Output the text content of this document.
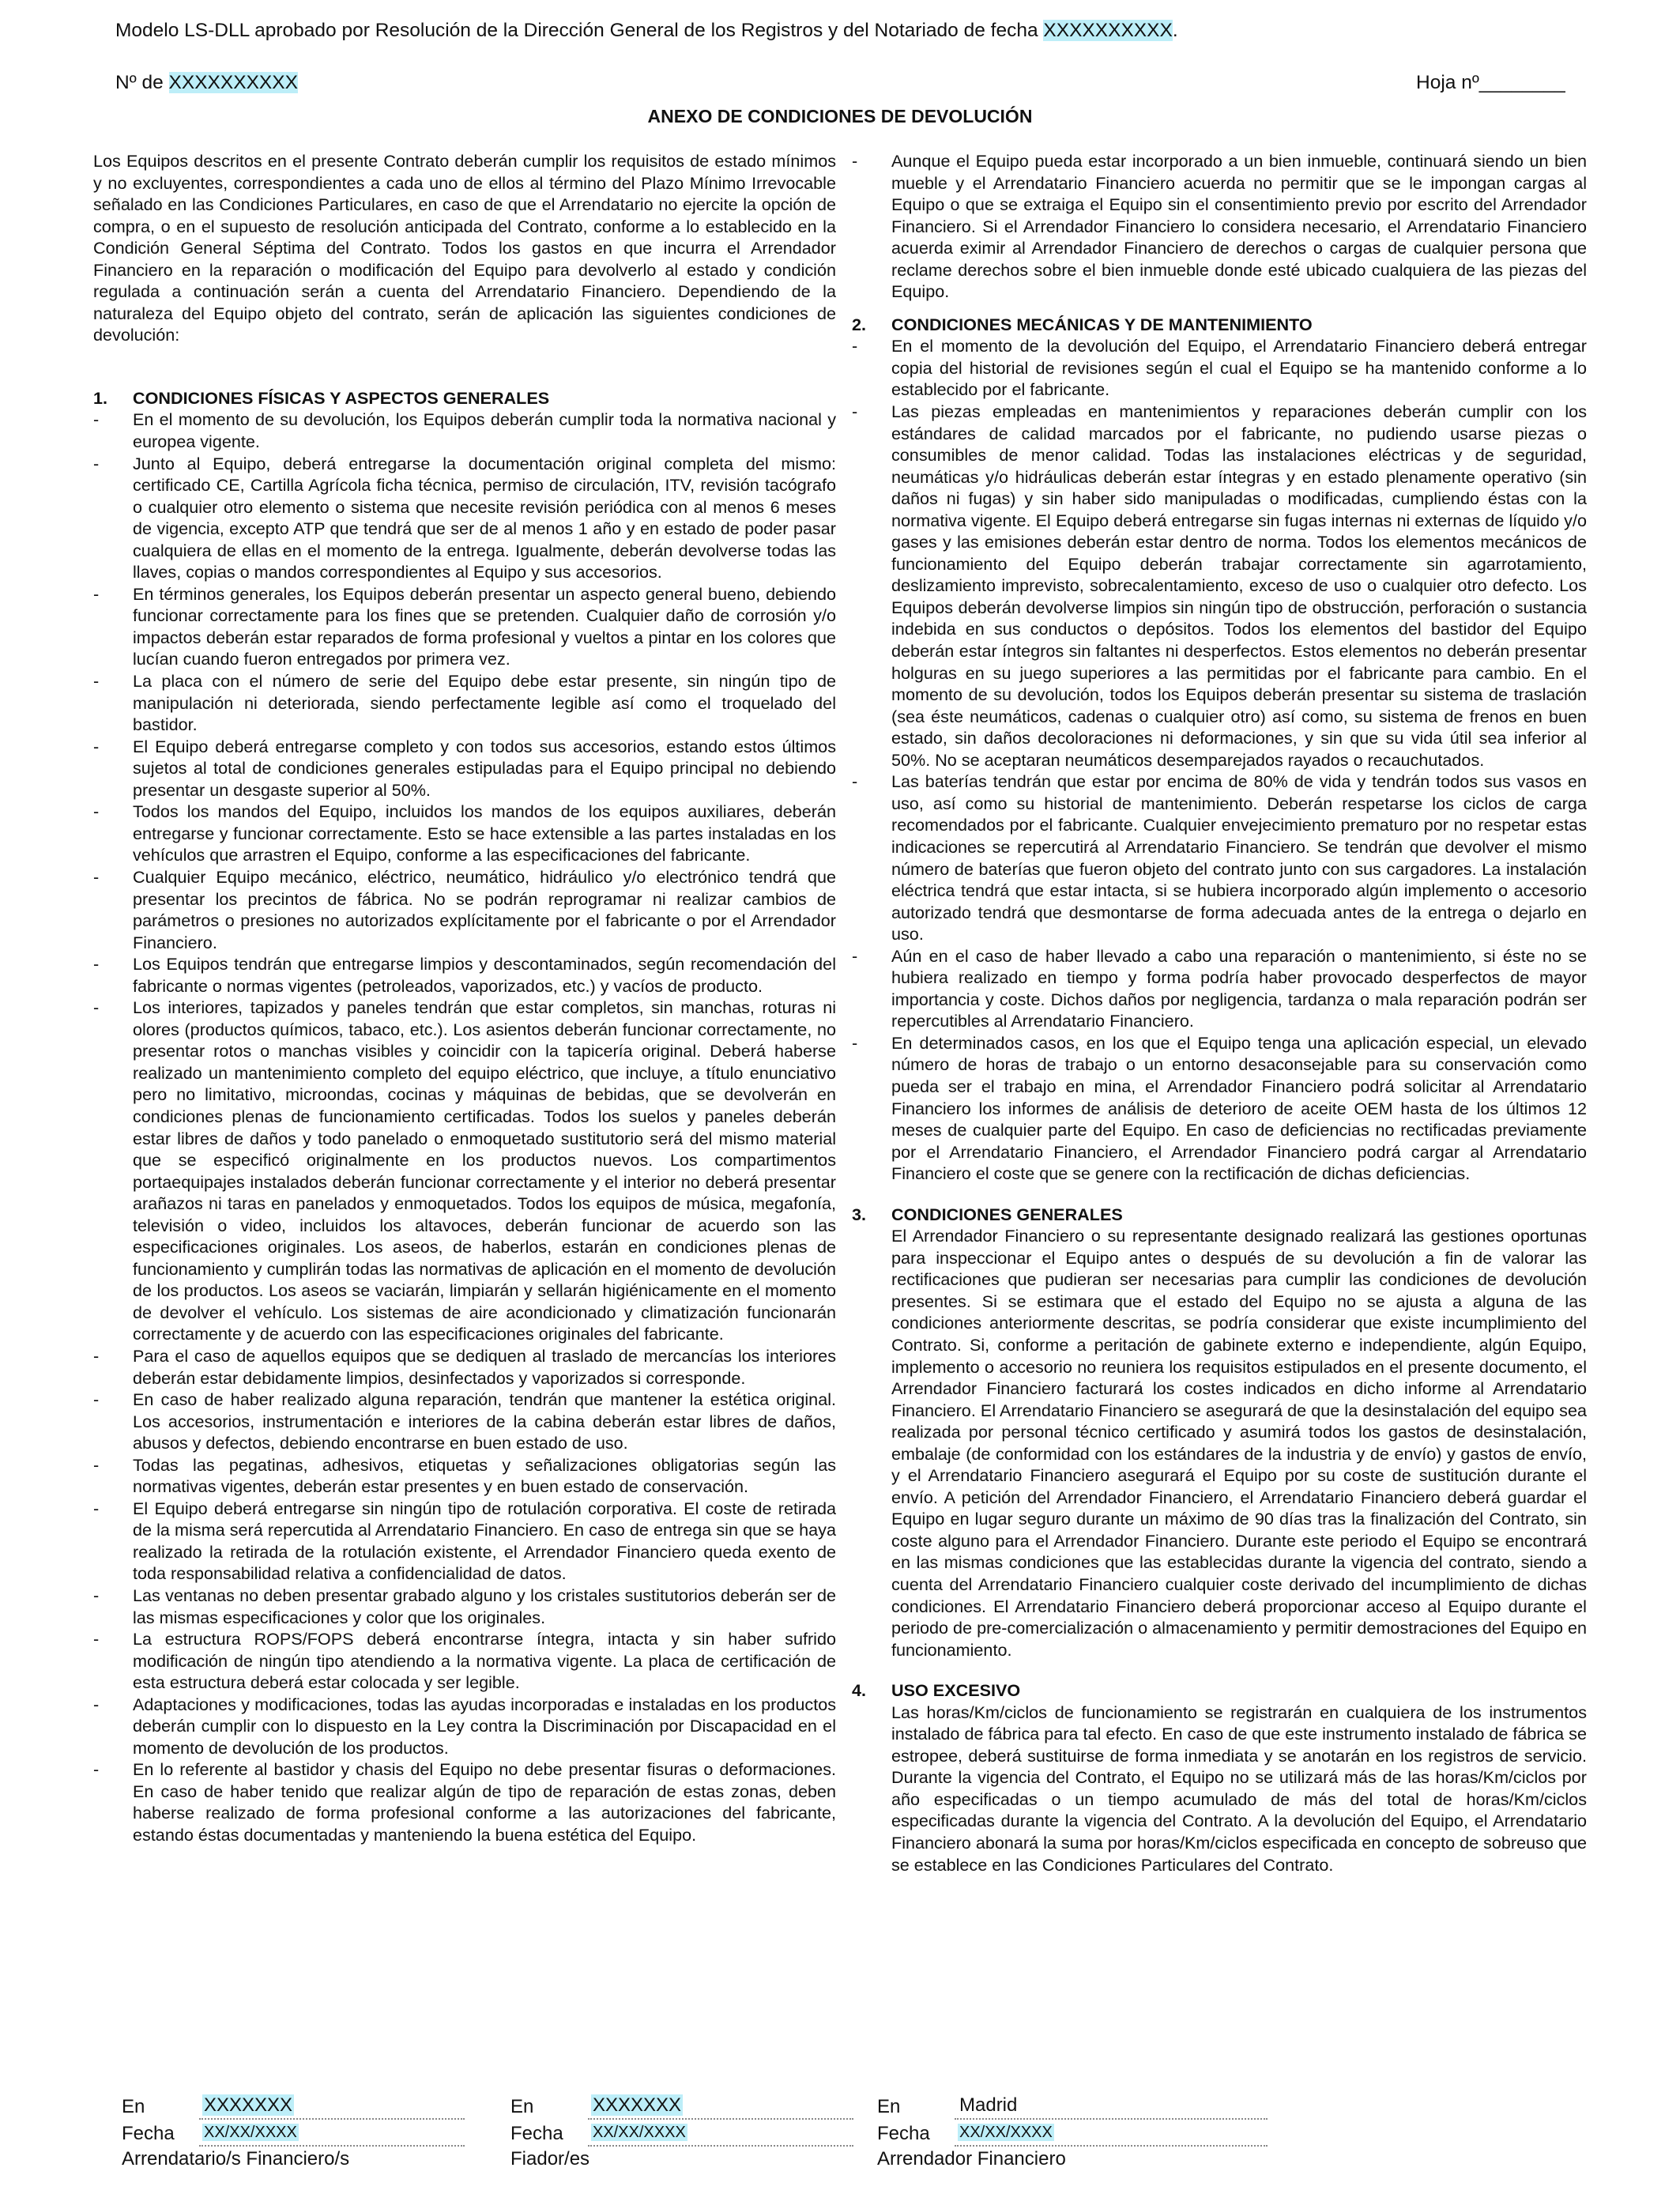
Modelo LS-DLL aprobado por Resolución de la Dirección General de los Registros y del Notariado de fecha XXXXXXXXXX.
Nº de XXXXXXXXXX	Hoja nº________
ANEXO DE CONDICIONES DE DEVOLUCIÓN

Los Equipos descritos en el presente Contrato deberán cumplir los requisitos de estado mínimos y no excluyentes, correspondientes a cada uno de ellos al término del Plazo Mínimo Irrevocable señalado en las Condiciones Particulares, en caso de que el Arrendatario no ejercite la opción de compra, o en el supuesto de resolución anticipada del Contrato, conforme a lo establecido en la Condición General Séptima del Contrato. Todos los gastos en que incurra el Arrendador Financiero en la reparación o modificación del Equipo para devolverlo al estado y condición regulada a continuación serán a cuenta del Arrendatario Financiero. Dependiendo de la naturaleza del Equipo objeto del contrato, serán de aplicación las siguientes condiciones de devolución:

1.	CONDICIONES FÍSICAS Y ASPECTOS GENERALES
- En el momento de su devolución, los Equipos deberán cumplir toda la normativa nacional y europea vigente.
- Junto al Equipo, deberá entregarse la documentación original completa del mismo: certificado CE, Cartilla Agrícola ficha técnica, permiso de circulación, ITV, revisión tacógrafo o cualquier otro elemento o sistema que necesite revisión periódica con al menos 6 meses de vigencia, excepto ATP que tendrá que ser de al menos 1 año y en estado de poder pasar cualquiera de ellas en el momento de la entrega. Igualmente, deberán devolverse todas las llaves, copias o mandos correspondientes al Equipo y sus accesorios.
- En términos generales, los Equipos deberán presentar un aspecto general bueno, debiendo funcionar correctamente para los fines que se pretenden. Cualquier daño de corrosión y/o impactos deberán estar reparados de forma profesional y vueltos a pintar en los colores que lucían cuando fueron entregados por primera vez.
- La placa con el número de serie del Equipo debe estar presente, sin ningún tipo de manipulación ni deteriorada, siendo perfectamente legible así como el troquelado del bastidor.
- El Equipo deberá entregarse completo y con todos sus accesorios, estando estos últimos sujetos al total de condiciones generales estipuladas para el Equipo principal no debiendo presentar un desgaste superior al 50%.
- Todos los mandos del Equipo, incluidos los mandos de los equipos auxiliares, deberán entregarse y funcionar correctamente. Esto se hace extensible a las partes instaladas en los vehículos que arrastren el Equipo, conforme a las especificaciones del fabricante.
- Cualquier Equipo mecánico, eléctrico, neumático, hidráulico y/o electrónico tendrá que presentar los precintos de fábrica. No se podrán reprogramar ni realizar cambios de parámetros o presiones no autorizados explícitamente por el fabricante o por el Arrendador Financiero.
- Los Equipos tendrán que entregarse limpios y descontaminados, según recomendación del fabricante o normas vigentes (petroleados, vaporizados, etc.) y vacíos de producto.
- Los interiores, tapizados y paneles tendrán que estar completos, sin manchas, roturas ni olores (productos químicos, tabaco, etc.). Los asientos deberán funcionar correctamente, no presentar rotos o manchas visibles y coincidir con la tapicería original. Deberá haberse realizado un mantenimiento completo del equipo eléctrico, que incluye, a título enunciativo pero no limitativo, microondas, cocinas y máquinas de bebidas, que se devolverán en condiciones plenas de funcionamiento certificadas. Todos los suelos y paneles deberán estar libres de daños y todo panelado o enmoquetado sustitutorio será del mismo material que se especificó originalmente en los productos nuevos. Los compartimentos portaequipajes instalados deberán funcionar correctamente y el interior no deberá presentar arañazos ni taras en panelados y enmoquetados. Todos los equipos de música, megafonía, televisión o video, incluidos los altavoces, deberán funcionar de acuerdo son las especificaciones originales. Los aseos, de haberlos, estarán en condiciones plenas de funcionamiento y cumplirán todas las normativas de aplicación en el momento de devolución de los productos. Los aseos se vaciarán, limpiarán y sellarán higiénicamente en el momento de devolver el vehículo. Los sistemas de aire acondicionado y climatización funcionarán correctamente y de acuerdo con las especificaciones originales del fabricante.
- Para el caso de aquellos equipos que se dediquen al traslado de mercancías los interiores deberán estar debidamente limpios, desinfectados y vaporizados si corresponde.
- En caso de haber realizado alguna reparación, tendrán que mantener la estética original. Los accesorios, instrumentación e interiores de la cabina deberán estar libres de daños, abusos y defectos, debiendo encontrarse en buen estado de uso.
- Todas las pegatinas, adhesivos, etiquetas y señalizaciones obligatorias según las normativas vigentes, deberán estar presentes y en buen estado de conservación.
- El Equipo deberá entregarse sin ningún tipo de rotulación corporativa. El coste de retirada de la misma será repercutida al Arrendatario Financiero. En caso de entrega sin que se haya realizado la retirada de la rotulación existente, el Arrendador Financiero queda exento de toda responsabilidad relativa a confidencialidad de datos.
- Las ventanas no deben presentar grabado alguno y los cristales sustitutorios deberán ser de las mismas especificaciones y color que los originales.
- La estructura ROPS/FOPS deberá encontrarse íntegra, intacta y sin haber sufrido modificación de ningún tipo atendiendo a la normativa vigente. La placa de certificación de esta estructura deberá estar colocada y ser legible.
- Adaptaciones y modificaciones, todas las ayudas incorporadas e instaladas en los productos deberán cumplir con lo dispuesto en la Ley contra la Discriminación por Discapacidad en el momento de devolución de los productos.
- En lo referente al bastidor y chasis del Equipo no debe presentar fisuras o deformaciones. En caso de haber tenido que realizar algún de tipo de reparación de estas zonas, deben haberse realizado de forma profesional conforme a las autorizaciones del fabricante, estando éstas documentadas y manteniendo la buena estética del Equipo.
- Aunque el Equipo pueda estar incorporado a un bien inmueble, continuará siendo un bien mueble y el Arrendatario Financiero acuerda no permitir que se le impongan cargas al Equipo o que se extraiga el Equipo sin el consentimiento previo por escrito del Arrendador Financiero. Si el Arrendador Financiero lo considera necesario, el Arrendatario Financiero acuerda eximir al Arrendador Financiero de derechos o cargas de cualquier persona que reclame derechos sobre el bien inmueble donde esté ubicado cualquiera de las piezas del Equipo.
2.	CONDICIONES MECÁNICAS Y DE MANTENIMIENTO
- En el momento de la devolución del Equipo, el Arrendatario Financiero deberá entregar copia del historial de revisiones según el cual el Equipo se ha mantenido conforme a lo establecido por el fabricante.
- Las piezas empleadas en mantenimientos y reparaciones deberán cumplir con los estándares de calidad marcados por el fabricante, no pudiendo usarse piezas o consumibles de menor calidad. Todas las instalaciones eléctricas y de seguridad, neumáticas y/o hidráulicas deberán estar íntegras y en estado plenamente operativo (sin daños ni fugas) y sin haber sido manipuladas o modificadas, cumpliendo éstas con la normativa vigente. El Equipo deberá entregarse sin fugas internas ni externas de líquido y/o gases y las emisiones deberán estar dentro de norma. Todos los elementos mecánicos de funcionamiento del Equipo deberán trabajar correctamente sin agarrotamiento, deslizamiento imprevisto, sobrecalentamiento, exceso de uso o cualquier otro defecto. Los Equipos deberán devolverse limpios sin ningún tipo de obstrucción, perforación o sustancia indebida en sus conductos o depósitos. Todos los elementos del bastidor del Equipo deberán estar íntegros sin faltantes ni desperfectos. Estos elementos no deberán presentar holguras en su juego superiores a las permitidas por el fabricante para cambio. En el momento de su devolución, todos los Equipos deberán presentar su sistema de traslación (sea éste neumáticos, cadenas o cualquier otro) así como, su sistema de frenos en buen estado, sin daños decoloraciones ni deformaciones, y sin que su vida útil sea inferior al 50%. No se aceptaran neumáticos desemparejados rayados o recauchutados.
- Las baterías tendrán que estar por encima de 80% de vida y tendrán todos sus vasos en uso, así como su historial de mantenimiento. Deberán respetarse los ciclos de carga recomendados por el fabricante. Cualquier envejecimiento prematuro por no respetar estas indicaciones se repercutirá al Arrendatario Financiero. Se tendrán que devolver el mismo número de baterías que fueron objeto del contrato junto con sus cargadores. La instalación eléctrica tendrá que estar intacta, si se hubiera incorporado algún implemento o accesorio autorizado tendrá que desmontarse de forma adecuada antes de la entrega o dejarlo en uso.
- Aún en el caso de haber llevado a cabo una reparación o mantenimiento, si éste no se hubiera realizado en tiempo y forma podría haber provocado desperfectos de mayor importancia y coste. Dichos daños por negligencia, tardanza o mala reparación podrán ser repercutibles al Arrendatario Financiero.
- En determinados casos, en los que el Equipo tenga una aplicación especial, un elevado número de horas de trabajo o un entorno desaconsejable para su conservación como pueda ser el trabajo en mina, el Arrendador Financiero podrá solicitar al Arrendatario Financiero los informes de análisis de deterioro de aceite OEM hasta de los últimos 12 meses de cualquier parte del Equipo. En caso de deficiencias no rectificadas previamente por el Arrendatario Financiero, el Arrendador Financiero podrá cargar al Arrendatario Financiero el coste que se genere con la rectificación de dichas deficiencias.
3.	CONDICIONES GENERALES

El Arrendador Financiero o su representante designado realizará las gestiones oportunas para inspeccionar el Equipo antes o después de su devolución a fin de valorar las rectificaciones que pudieran ser necesarias para cumplir las condiciones de devolución presentes. Si se estimara que el estado del Equipo no se ajusta a alguna de las condiciones anteriormente descritas, se podría considerar que existe incumplimiento del Contrato. Si, conforme a peritación de gabinete externo e independiente, algún Equipo, implemento o accesorio no reuniera los requisitos estipulados en el presente documento, el Arrendador Financiero facturará los costes indicados en dicho informe al Arrendatario Financiero. El Arrendatario Financiero se asegurará de que la desinstalación del equipo sea realizada por personal técnico certificado y asumirá todos los gastos de desinstalación, embalaje (de conformidad con los estándares de la industria y de envío) y gastos de envío, y el Arrendatario Financiero asegurará el Equipo por su coste de sustitución durante el envío. A petición del Arrendador Financiero, el Arrendatario Financiero deberá guardar el Equipo en lugar seguro durante un máximo de 90 días tras la finalización del Contrato, sin coste alguno para el Arrendador Financiero. Durante este periodo el Equipo se encontrará en las mismas condiciones que las establecidas durante la vigencia del contrato, siendo a cuenta del Arrendatario Financiero cualquier coste derivado del incumplimiento de dichas condiciones. El Arrendatario Financiero deberá proporcionar acceso al Equipo durante el periodo de pre-comercialización o almacenamiento y permitir demostraciones del Equipo en funcionamiento.

4.	USO EXCESIVO

Las horas/Km/ciclos de funcionamiento se registrarán en cualquiera de los instrumentos instalado de fábrica para tal efecto. En caso de que este instrumento instalado de fábrica se estropee, deberá sustituirse de forma inmediata y se anotarán en los registros de servicio. Durante la vigencia del Contrato, el Equipo no se utilizará más de las horas/Km/ciclos por año especificadas o un tiempo acumulado de más del total de horas/Km/ciclos especificadas durante la vigencia del Contrato. A la devolución del Equipo, el Arrendatario Financiero abonará la suma por horas/Km/ciclos especificada en concepto de sobreuso que se establece en las Condiciones Particulares del Contrato.

En	XXXXXXX
Fecha	XX/XX/XXXX
Arrendatario/s Financiero/s
En	XXXXXXX
Fecha	XX/XX/XXXX
Fiador/es
En	Madrid
Fecha	XX/XX/XXXX
Arrendador Financiero
